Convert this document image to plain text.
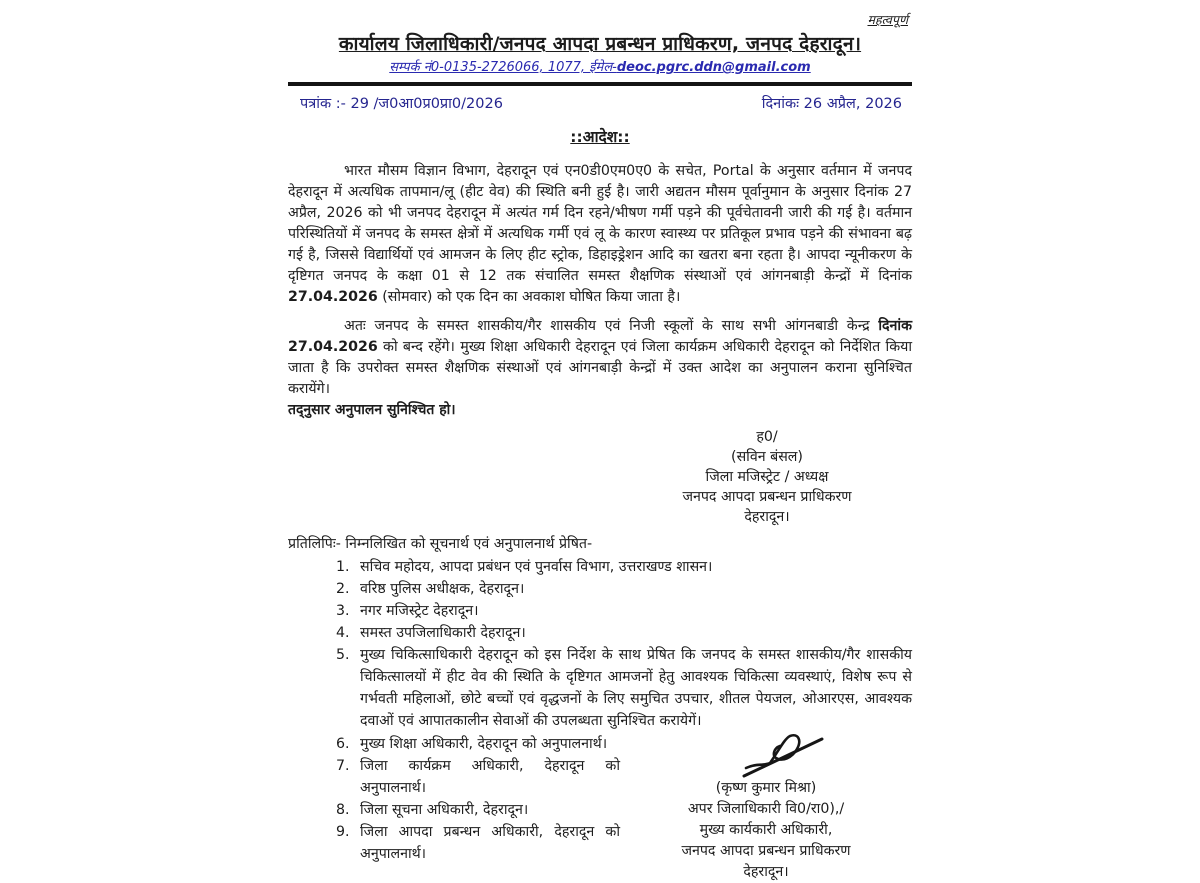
महत्वपूर्ण
कार्यालय जिलाधिकारी/जनपद आपदा प्रबन्धन प्राधिकरण, जनपद देहरादून।
सम्पर्क नं0-0135-2726066, 1077, ईमेल-deoc.pgrc.ddn@gmail.com
पत्रांक :- 29 /ज0आ0प्र0प्रा0/2026	दिनांकः 26 अप्रैल, 2026
::आदेश::

भारत मौसम विज्ञान विभाग, देहरादून एवं एन0डी0एम0ए0 के सचेत, Portal के अनुसार वर्तमान में जनपद देहरादून में अत्यधिक तापमान/लू (हीट वेव) की स्थिति बनी हुई है। जारी अद्यतन मौसम पूर्वानुमान के अनुसार दिनांक 27 अप्रैल, 2026 को भी जनपद देहरादून में अत्यंत गर्म दिन रहने/भीषण गर्मी पड़ने की पूर्वचेतावनी जारी की गई है। वर्तमान परिस्थितियों में जनपद के समस्त क्षेत्रों में अत्यधिक गर्मी एवं लू के कारण स्वास्थ्य पर प्रतिकूल प्रभाव पड़ने की संभावना बढ़ गई है, जिससे विद्यार्थियों एवं आमजन के लिए हीट स्ट्रोक, डिहाइड्रेशन आदि का खतरा बना रहता है। आपदा न्यूनीकरण के दृष्टिगत जनपद के कक्षा 01 से 12 तक संचालित समस्त शैक्षणिक संस्थाओं एवं आंगनबाड़ी केन्द्रों में दिनांक 27.04.2026 (सोमवार) को एक दिन का अवकाश घोषित किया जाता है।

अतः जनपद के समस्त शासकीय/गैर शासकीय एवं निजी स्कूलों के साथ सभी आंगनबाडी केन्द्र दिनांक 27.04.2026 को बन्द रहेंगे। मुख्य शिक्षा अधिकारी देहरादून एवं जिला कार्यक्रम अधिकारी देहरादून को निर्देशित किया जाता है कि उपरोक्त समस्त शैक्षणिक संस्थाओं एवं आंगनबाड़ी केन्द्रों में उक्त आदेश का अनुपालन कराना सुनिश्चित करायेंगे।

तद्नुसार अनुपालन सुनिश्चित हो।
ह0/
(सविन बंसल)
जिला मजिस्ट्रेट / अध्यक्ष
जनपद आपदा प्रबन्धन प्राधिकरण
देहरादून।
प्रतिलिपिः- निम्नलिखित को सूचनार्थ एवं अनुपालनार्थ प्रेषित-
1. सचिव महोदय, आपदा प्रबंधन एवं पुनर्वास विभाग, उत्तराखण्ड शासन।
2. वरिष्ठ पुलिस अधीक्षक, देहरादून।
3. नगर मजिस्ट्रेट देहरादून।
4. समस्त उपजिलाधिकारी देहरादून।
5. मुख्य चिकित्साधिकारी देहरादून को इस निर्देश के साथ प्रेषित कि जनपद के समस्त शासकीय/गैर शासकीय चिकित्सालयों में हीट वेव की स्थिति के दृष्टिगत आमजनों हेतु आवश्यक चिकित्सा व्यवस्थाएं, विशेष रूप से गर्भवती महिलाओं, छोटे बच्चों एवं वृद्धजनों के लिए समुचित उपचार, शीतल पेयजल, ओआरएस, आवश्यक दवाओं एवं आपातकालीन सेवाओं की उपलब्धता सुनिश्चित करायेगें।
6. मुख्य शिक्षा अधिकारी, देहरादून को अनुपालनार्थ।
7. जिला कार्यक्रम अधिकारी, देहरादून को अनुपालनार्थ।
8. जिला सूचना अधिकारी, देहरादून।
9. जिला आपदा प्रबन्धन अधिकारी, देहरादून को अनुपालनार्थ।
(कृष्ण कुमार मिश्रा)
अपर जिलाधिकारी वि0/रा0),/
मुख्य कार्यकारी अधिकारी,
जनपद आपदा प्रबन्धन प्राधिकरण
देहरादून।
